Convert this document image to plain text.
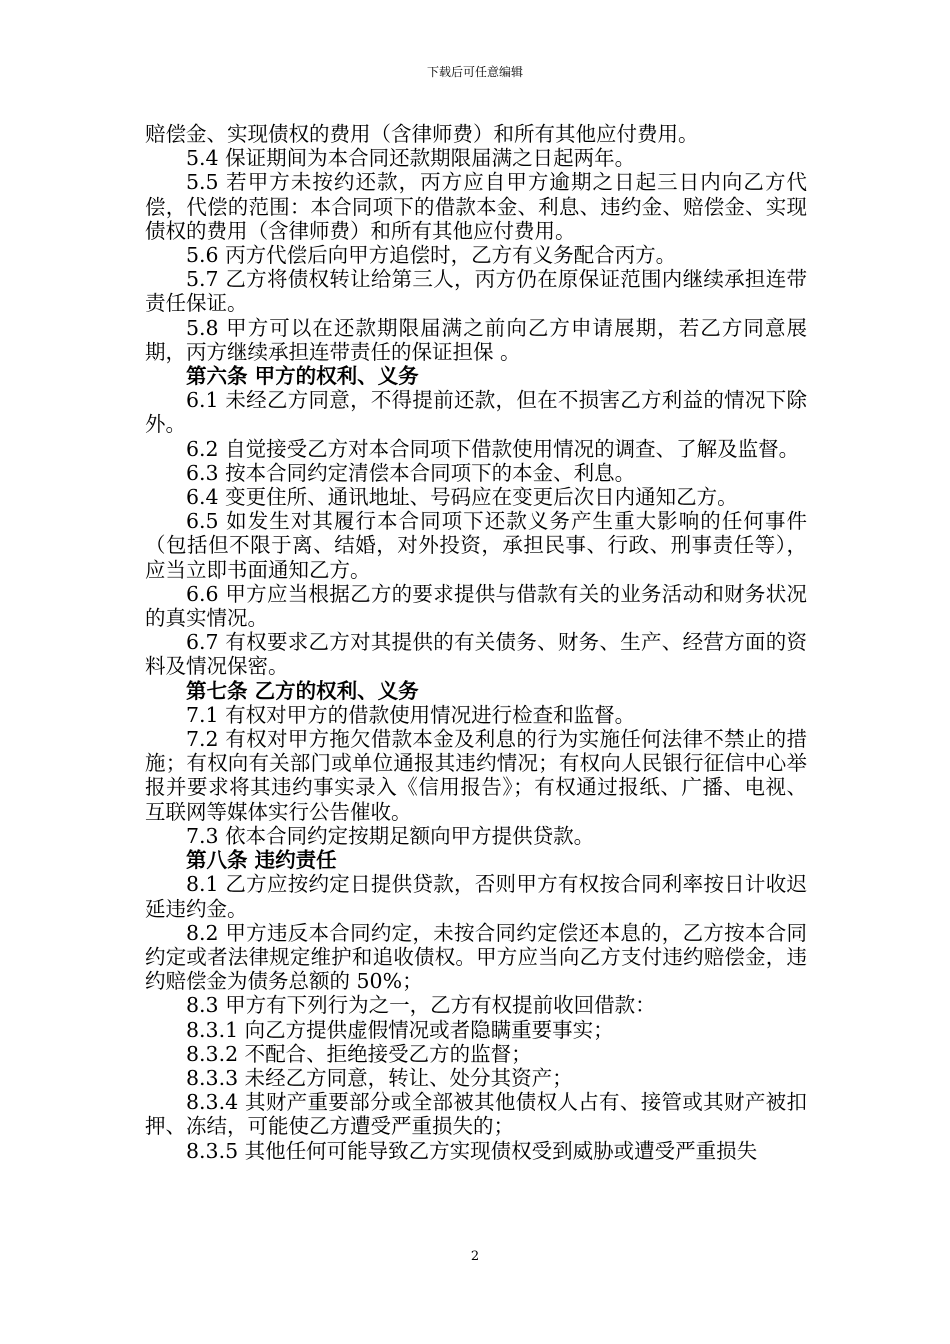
下载后可任意编辑

赔偿金、实现债权的费用（含律师费）和所有其他应付费用。

5.4 保证期间为本合同还款期限届满之日起两年。

5.5 若甲方未按约还款，丙方应自甲方逾期之日起三日内向乙方代偿，代偿的范围：本合同项下的借款本金、利息、违约金、赔偿金、实现债权的费用（含律师费）和所有其他应付费用。

5.6 丙方代偿后向甲方追偿时，乙方有义务配合丙方。

5.7 乙方将债权转让给第三人，丙方仍在原保证范围内继续承担连带责任保证。

5.8 甲方可以在还款期限届满之前向乙方申请展期，若乙方同意展期，丙方继续承担连带责任的保证担保 。

第六条 甲方的权利、义务

6.1 未经乙方同意，不得提前还款，但在不损害乙方利益的情况下除外。

6.2 自觉接受乙方对本合同项下借款使用情况的调查、了解及监督。

6.3 按本合同约定清偿本合同项下的本金、利息。

6.4 变更住所、通讯地址、号码应在变更后次日内通知乙方。

6.5 如发生对其履行本合同项下还款义务产生重大影响的任何事件（包括但不限于离、结婚，对外投资，承担民事、行政、刑事责任等），应当立即书面通知乙方。

6.6 甲方应当根据乙方的要求提供与借款有关的业务活动和财务状况的真实情况。

6.7 有权要求乙方对其提供的有关债务、财务、生产、经营方面的资料及情况保密。

第七条 乙方的权利、义务

7.1 有权对甲方的借款使用情况进行检查和监督。

7.2 有权对甲方拖欠借款本金及利息的行为实施任何法律不禁止的措施；有权向有关部门或单位通报其违约情况；有权向人民银行征信中心举报并要求将其违约事实录入《信用报告》；有权通过报纸、广播、电视、互联网等媒体实行公告催收。

7.3 依本合同约定按期足额向甲方提供贷款。

第八条 违约责任

8.1 乙方应按约定日提供贷款，否则甲方有权按合同利率按日计收迟延违约金。

8.2 甲方违反本合同约定，未按合同约定偿还本息的，乙方按本合同约定或者法律规定维护和追收债权。甲方应当向乙方支付违约赔偿金，违约赔偿金为债务总额的 50%；

8.3 甲方有下列行为之一，乙方有权提前收回借款：

8.3.1 向乙方提供虚假情况或者隐瞒重要事实；

8.3.2 不配合、拒绝接受乙方的监督；

8.3.3 未经乙方同意，转让、处分其资产；

8.3.4 其财产重要部分或全部被其他债权人占有、接管或其财产被扣押、冻结，可能使乙方遭受严重损失的；

8.3.5 其他任何可能导致乙方实现债权受到威胁或遭受严重损失

2
